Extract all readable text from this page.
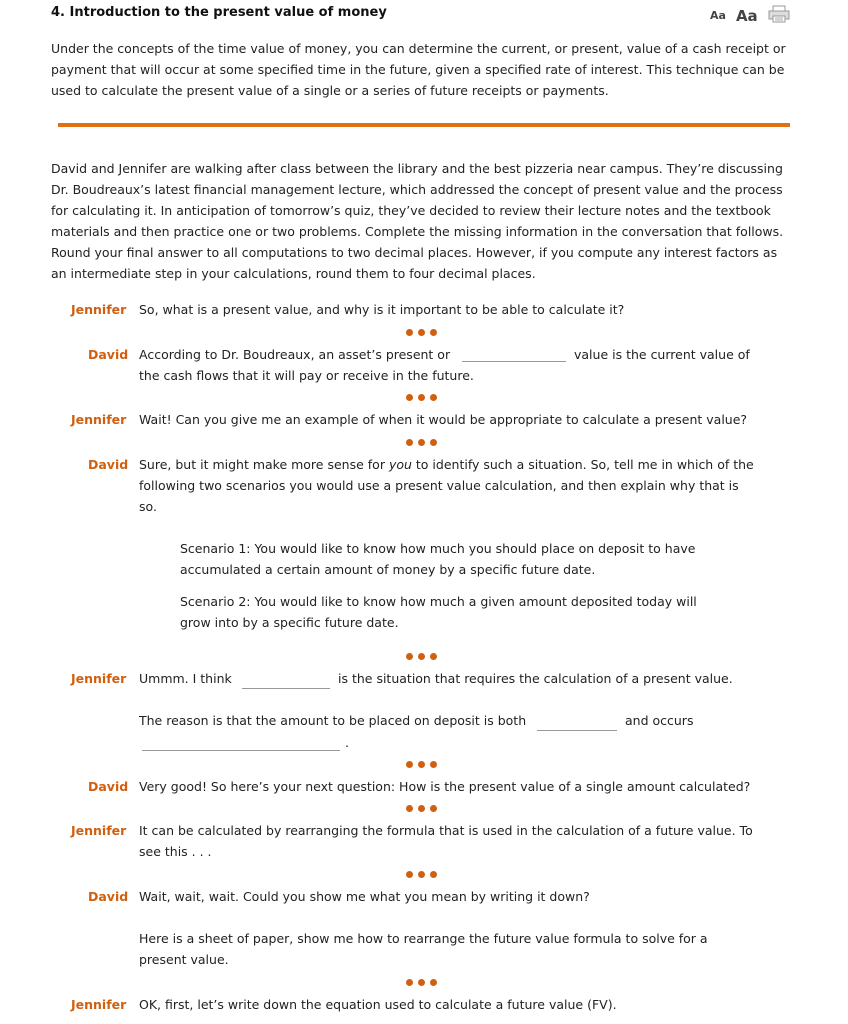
4. Introduction to the present value of money	Aa Aa
Under the concepts of the time value of money, you can determine the current, or present, value of a cash receipt or payment that will occur at some specified time in the future, given a specified rate of interest. This technique can be used to calculate the present value of a single or a series of future receipts or payments.
David and Jennifer are walking after class between the library and the best pizzeria near campus. They’re discussing
Dr. Boudreaux’s latest financial management lecture, which addressed the concept of present value and the process
for calculating it. In anticipation of tomorrow’s quiz, they’ve decided to review their lecture notes and the textbook
materials and then practice one or two problems. Complete the missing information in the conversation that follows.
Round your final answer to all computations to two decimal places. However, if you compute any interest factors as
an intermediate step in your calculations, round them to four decimal places.
Jennifer So, what is a present value, and why is it important to be able to calculate it?
David According to Dr. Boudreaux, an asset’s present or	value is the current value of
the cash flows that it will pay or receive in the future.
Jennifer Wait! Can you give me an example of when it would be appropriate to calculate a present value?
David Sure, but it might make more sense for you to identify such a situation. So, tell me in which of the
following two scenarios you would use a present value calculation, and then explain why that is
so.
Scenario 1: You would like to know how much you should place on deposit to have
accumulated a certain amount of money by a specific future date.
Scenario 2: You would like to know how much a given amount deposited today will
grow into by a specific future date.
Jennifer Ummm. I think	is the situation that requires the calculation of a present value.
The reason is that the amount to be placed on deposit is both	and occurs
.
David Very good! So here’s your next question: How is the present value of a single amount calculated?
Jennifer It can be calculated by rearranging the formula that is used in the calculation of a future value. To
see this . . .
David Wait, wait, wait. Could you show me what you mean by writing it down?
Here is a sheet of paper, show me how to rearrange the future value formula to solve for a
present value.
Jennifer OK, first, let’s write down the equation used to calculate a future value (FV).
